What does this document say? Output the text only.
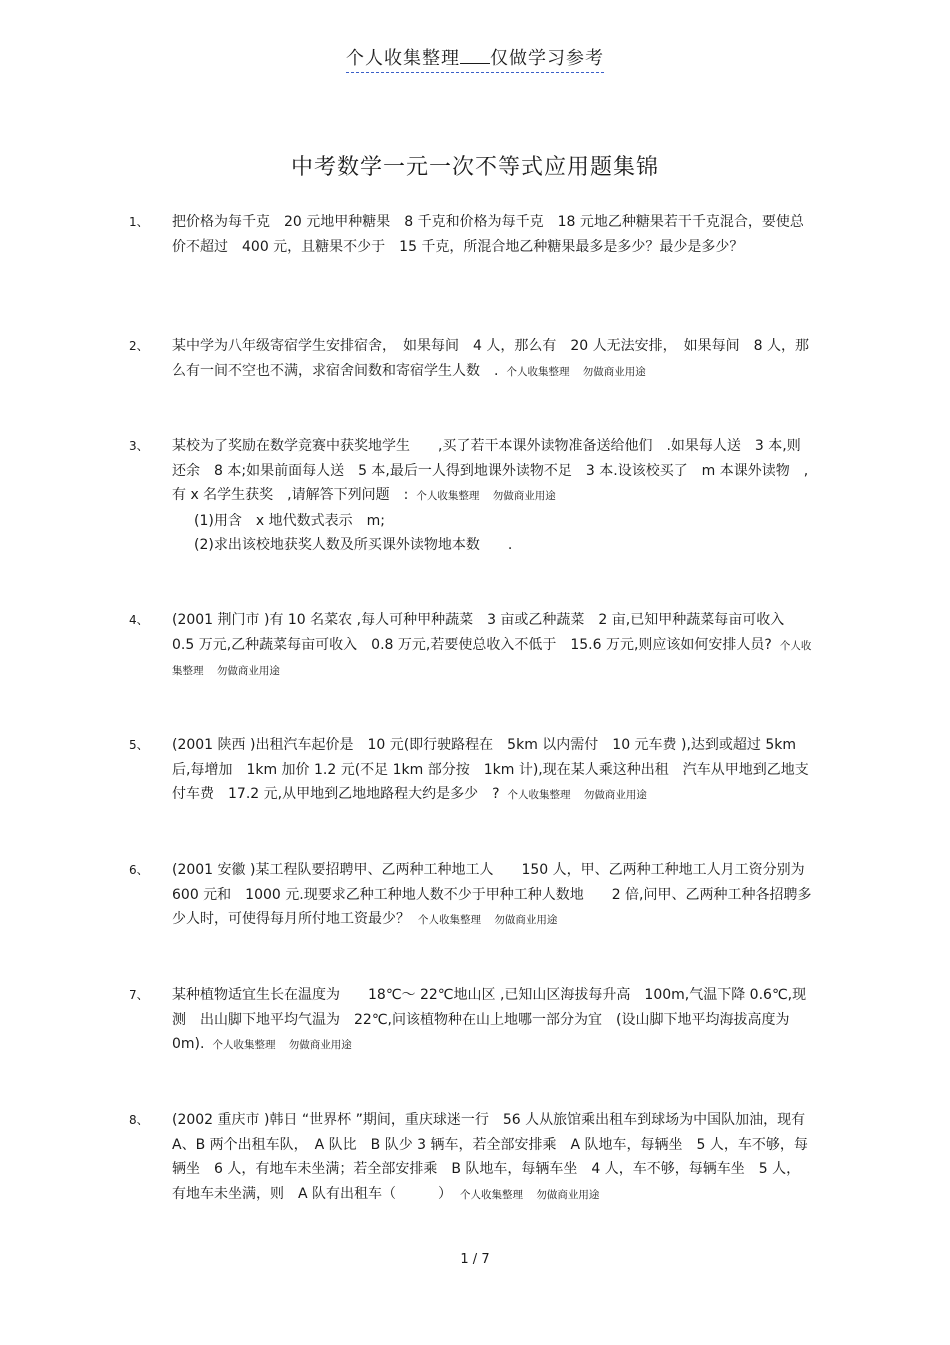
个人收集整理 仅做学习参考
中考数学一元一次不等式应用题集锦
1、 把价格为每千克　20 元地甲种糖果　8 千克和价格为每千克　18 元地乙种糖果若干千克混合，要使总价不超过　400 元，且糖果不少于　15 千克，所混合地乙种糖果最多是多少？最少是多少？
2、 某中学为八年级寄宿学生安排宿舍，　如果每间　4 人，那么有　20 人无法安排，　如果每间　8 人，那么有一间不空也不满，求宿舍间数和寄宿学生人数　. 个人收集整理 勿做商业用途
3、 某校为了奖励在数学竞赛中获奖地学生　　,买了若干本课外读物准备送给他们　.如果每人送　3 本,则还余　8 本;如果前面每人送　5 本,最后一人得到地课外读物不足　3 本.设该校买了　m 本课外读物　,有 x 名学生获奖　,请解答下列问题　: 个人收集整理 勿做商业用途
(1)用含　x 地代数式表示　m;
(2)求出该校地获奖人数及所买课外读物地本数　　.
4、 (2001 荆门市 )有 10 名菜农 ,每人可种甲种蔬菜　3 亩或乙种蔬菜　2 亩,已知甲种蔬菜每亩可收入　0.5 万元,乙种蔬菜每亩可收入　0.8 万元,若要使总收入不低于　15.6 万元,则应该如何安排人员? 个人收集整理 勿做商业用途
5、 (2001 陕西 )出租汽车起价是　10 元(即行驶路程在　5km 以内需付　10 元车费 ),达到或超过 5km 后,每增加　1km 加价 1.2 元(不足 1km 部分按　1km 计),现在某人乘这种出租　汽车从甲地到乙地支付车费　17.2 元,从甲地到乙地地路程大约是多少　? 个人收集整理 勿做商业用途
6、 (2001 安徽 )某工程队要招聘甲、乙两种工种地工人　　150 人，甲、乙两种工种地工人月工资分别为　600 元和　1000 元.现要求乙种工种地人数不少于甲种工种人数地　　2 倍,问甲、乙两种工种各招聘多少人时，可使得每月所付地工资最少？ 个人收集整理 勿做商业用途
7、 某种植物适宜生长在温度为　　18℃～ 22℃地山区 ,已知山区海拔每升高　100m,气温下降 0.6℃,现测　出山脚下地平均气温为　22℃,问该植物种在山上地哪一部分为宜　(设山脚下地平均海拔高度为　0m). 个人收集整理 勿做商业用途
8、 (2002 重庆市 )韩日 “世界杯 ”期间，重庆球迷一行　56 人从旅馆乘出租车到球场为中国队加油，现有　A、B 两个出租车队，　A 队比　B 队少 3 辆车，若全部安排乘　A 队地车，每辆坐　5 人，车不够，每辆坐　6 人，有地车未坐满；若全部安排乘　B 队地车，每辆车坐　4 人，车不够，每辆车坐　5 人，有地车未坐满，则　A 队有出租车（　　　） 个人收集整理 勿做商业用途
1 / 7
